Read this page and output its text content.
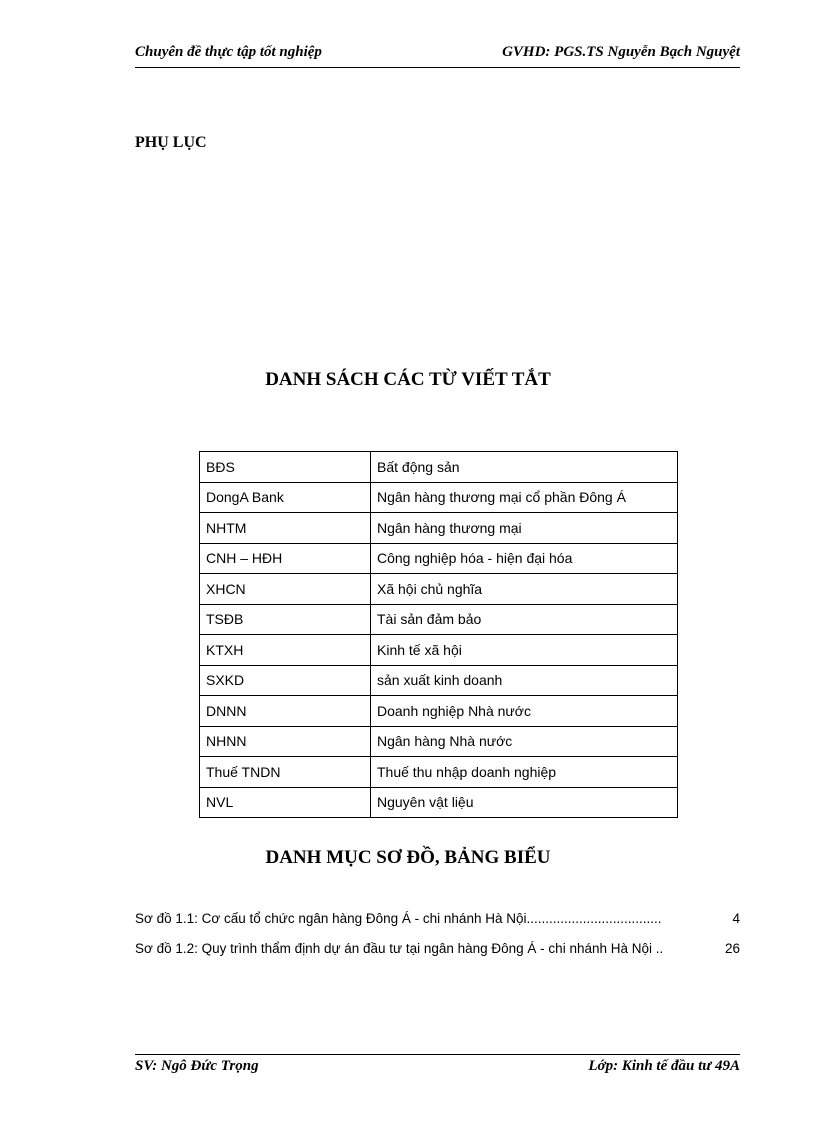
Chuyên đề thực tập tốt nghiệp	GVHD: PGS.TS Nguyễn Bạch Nguyệt
PHỤ LỤC
DANH SÁCH CÁC TỪ VIẾT TẮT
BĐS	Bất động sản
DongA Bank	Ngân hàng thương mại cổ phần Đông Á
NHTM	Ngân hàng thương mại
CNH – HĐH	Công nghiệp hóa - hiện đại hóa
XHCN	Xã hội chủ nghĩa
TSĐB	Tài sản đảm bảo
KTXH	Kinh tế xã hội
SXKD	sản xuất kinh doanh
DNNN	Doanh nghiệp Nhà nước
NHNN	Ngân hàng Nhà nước
Thuế TNDN	Thuế thu nhập doanh nghiệp
NVL	Nguyên vật liệu
DANH MỤC SƠ ĐỒ, BẢNG BIỂU
Sơ đồ 1.1: Cơ cấu tổ chức ngân hàng Đông Á - chi nhánh Hà Nội....................................	4
Sơ đồ 1.2: Quy trình thẩm định dự án đầu tư tại ngân hàng Đông Á - chi nhánh Hà Nội ..	26
SV: Ngô Đức Trọng	Lớp: Kinh tế đầu tư 49A
